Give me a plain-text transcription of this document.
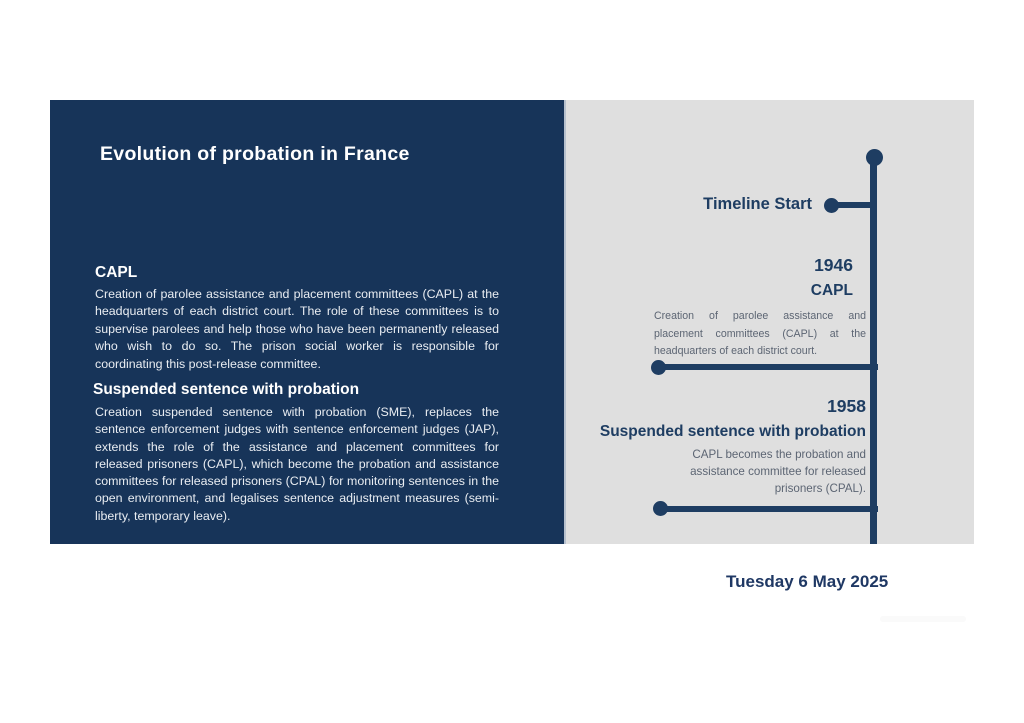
Evolution of probation in France
CAPL
Creation of parolee assistance and placement committees (CAPL) at the headquarters of each district court. The role of these committees is to supervise parolees and help those who have been permanently released who wish to do so. The prison social worker is responsible for coordinating this post-release committee.
Suspended sentence with probation
Creation suspended sentence with probation (SME), replaces the sentence enforcement judges with sentence enforcement judges (JAP), extends the role of the assistance and placement committees for released prisoners (CAPL), which become the probation and assistance committees for released prisoners (CPAL) for monitoring sentences in the open environment, and legalises sentence adjustment measures (semi-liberty, temporary leave).
Timeline Start
1946
CAPL
Creation of parolee assistance and placement committees (CAPL) at the headquarters of each district court.
1958
Suspended sentence with probation
CAPL becomes the probation and assistance committee for released prisoners (CPAL).
Tuesday 6 May 2025
